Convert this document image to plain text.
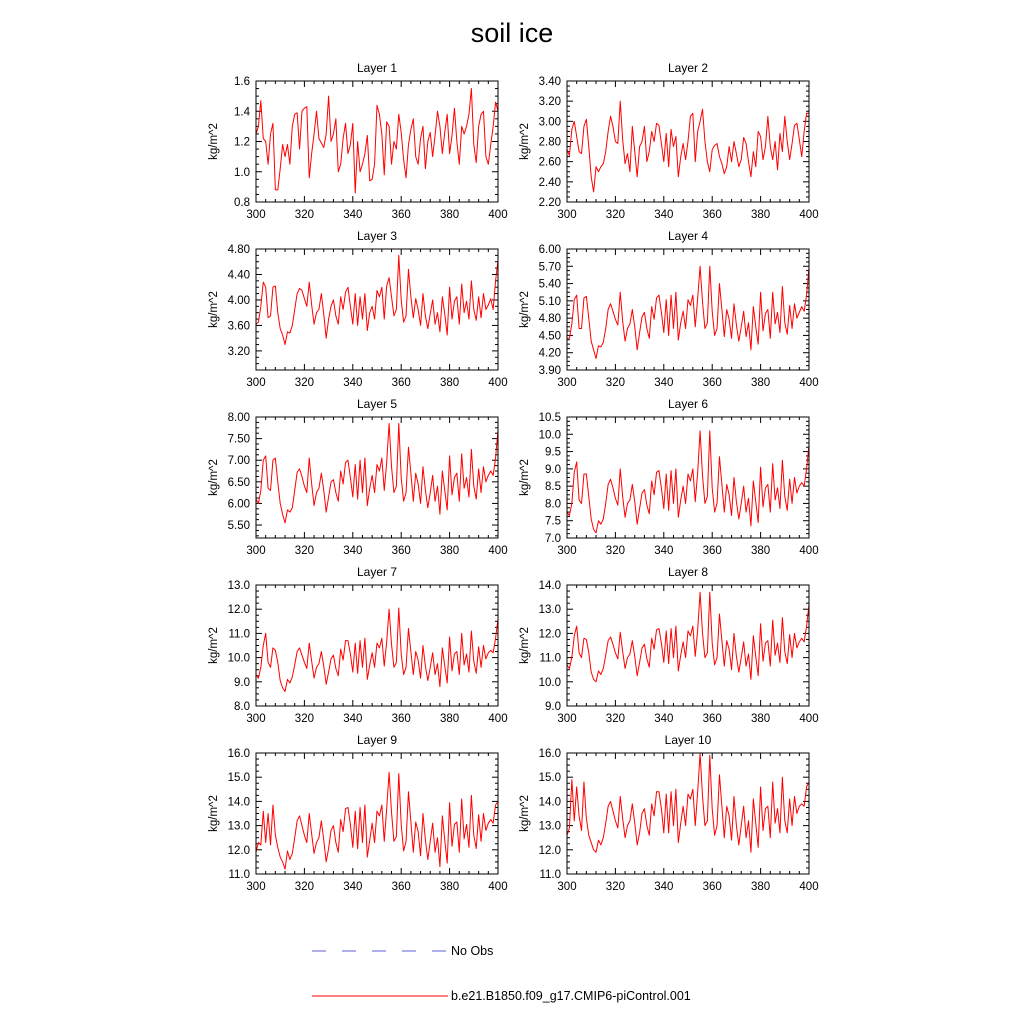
soil ice
Layer 1
kg/m^2
300	320	340	360	380	400
0.8
1.0
1.2
1.4
1.6
Layer 2
kg/m^2
300	320	340	360	380	400
2.20
2.40
2.60
2.80
3.00
3.20
3.40
Layer 3
kg/m^2
300	320	340	360	380	400
3.20
3.60
4.00
4.40
4.80
Layer 4
kg/m^2
300	320	340	360	380	400
3.90
4.20
4.50
4.80
5.10
5.40
5.70
6.00
Layer 5
kg/m^2
300	320	340	360	380	400
5.50
6.00
6.50
7.00
7.50
8.00
Layer 6
kg/m^2
300	320	340	360	380	400
7.0
7.5
8.0
8.5
9.0
9.5
10.0
10.5
Layer 7
kg/m^2
300	320	340	360	380	400
8.0
9.0
10.0
11.0
12.0
13.0
Layer 8
kg/m^2
300	320	340	360	380	400
9.0
10.0
11.0
12.0
13.0
14.0
Layer 9
kg/m^2
300	320	340	360	380	400
11.0
12.0
13.0
14.0
15.0
16.0
Layer 10
kg/m^2
300	320	340	360	380	400
11.0
12.0
13.0
14.0
15.0
16.0
No Obs
b.e21.B1850.f09_g17.CMIP6-piControl.001
